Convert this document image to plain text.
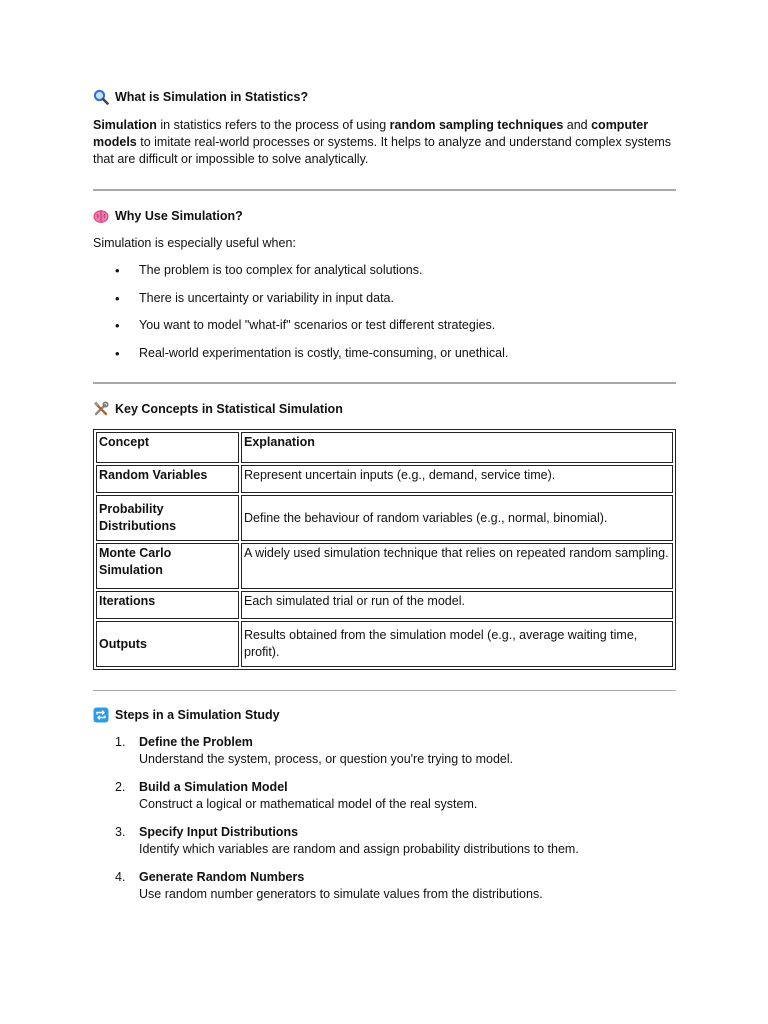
What is Simulation in Statistics?
Simulation in statistics refers to the process of using random sampling techniques and computer models to imitate real-world processes or systems. It helps to analyze and understand complex systems that are difficult or impossible to solve analytically.
Why Use Simulation?
Simulation is especially useful when:
• The problem is too complex for analytical solutions.
• There is uncertainty or variability in input data.
• You want to model "what-if" scenarios or test different strategies.
• Real-world experimentation is costly, time-consuming, or unethical.
Key Concepts in Statistical Simulation
Concept	Explanation
Random Variables	Represent uncertain inputs (e.g., demand, service time).
Probability Distributions	Define the behaviour of random variables (e.g., normal, binomial).
Monte Carlo Simulation	A widely used simulation technique that relies on repeated random sampling.
Iterations	Each simulated trial or run of the model.
Outputs	Results obtained from the simulation model (e.g., average waiting time, profit).
Steps in a Simulation Study
1. Define the Problem
Understand the system, process, or question you're trying to model.
2. Build a Simulation Model
Construct a logical or mathematical model of the real system.
3. Specify Input Distributions
Identify which variables are random and assign probability distributions to them.
4. Generate Random Numbers
Use random number generators to simulate values from the distributions.
